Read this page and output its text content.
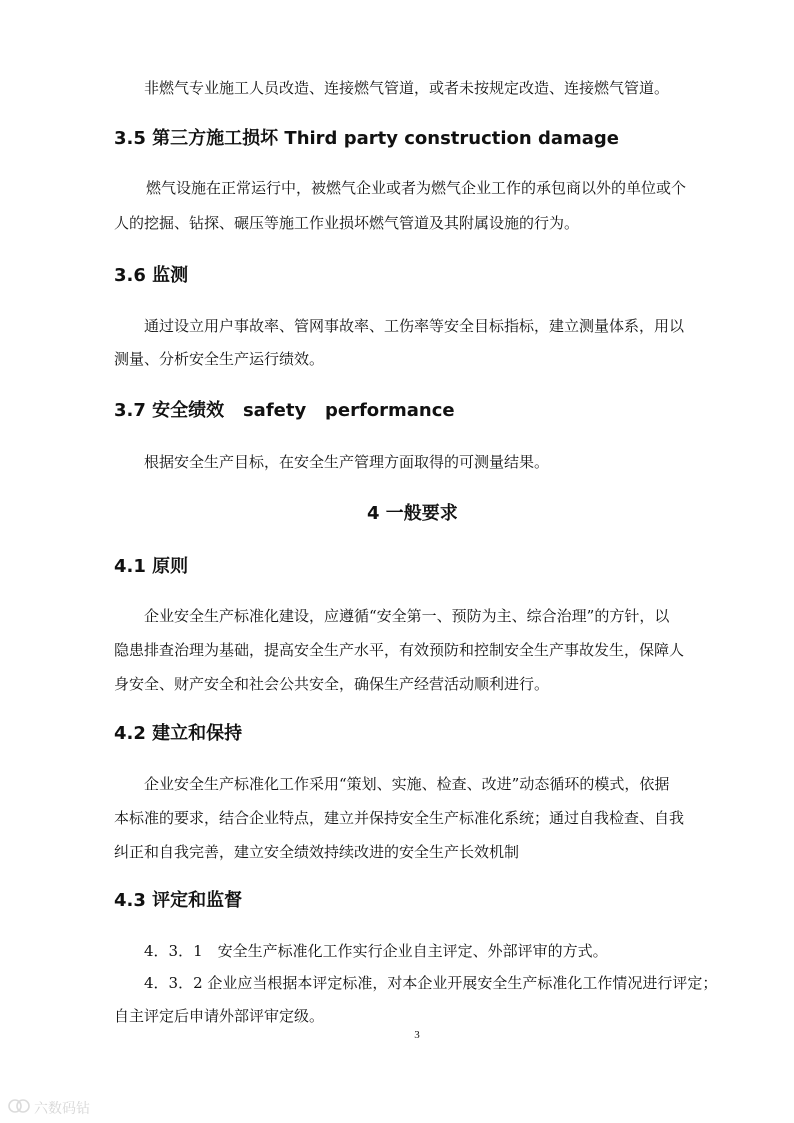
非燃气专业施工人员改造、连接燃气管道，或者未按规定改造、连接燃气管道。
3.5 第三方施工损坏 Third party construction damage
燃气设施在正常运行中，被燃气企业或者为燃气企业工作的承包商以外的单位或个
人的挖掘、钻探、碾压等施工作业损坏燃气管道及其附属设施的行为。
3.6 监测
通过设立用户事故率、管网事故率、工伤率等安全目标指标，建立测量体系，用以
测量、分析安全生产运行绩效。
3.7 安全绩效   safety   performance
根据安全生产目标，在安全生产管理方面取得的可测量结果。
4 一般要求
4.1 原则
企业安全生产标准化建设，应遵循“安全第一、预防为主、综合治理”的方针，以
隐患排查治理为基础，提高安全生产水平，有效预防和控制安全生产事故发生，保障人
身安全、财产安全和社会公共安全，确保生产经营活动顺利进行。
4.2 建立和保持
企业安全生产标准化工作采用“策划、实施、检查、改进”动态循环的模式，依据
本标准的要求，结合企业特点，建立并保持安全生产标准化系统；通过自我检查、自我
纠正和自我完善，建立安全绩效持续改进的安全生产长效机制
4.3 评定和监督
4．3．1　安全生产标准化工作实行企业自主评定、外部评审的方式。
4．3．2 企业应当根据本评定标准，对本企业开展安全生产标准化工作情况进行评定；
自主评定后申请外部评审定级。
3
六数码钻
